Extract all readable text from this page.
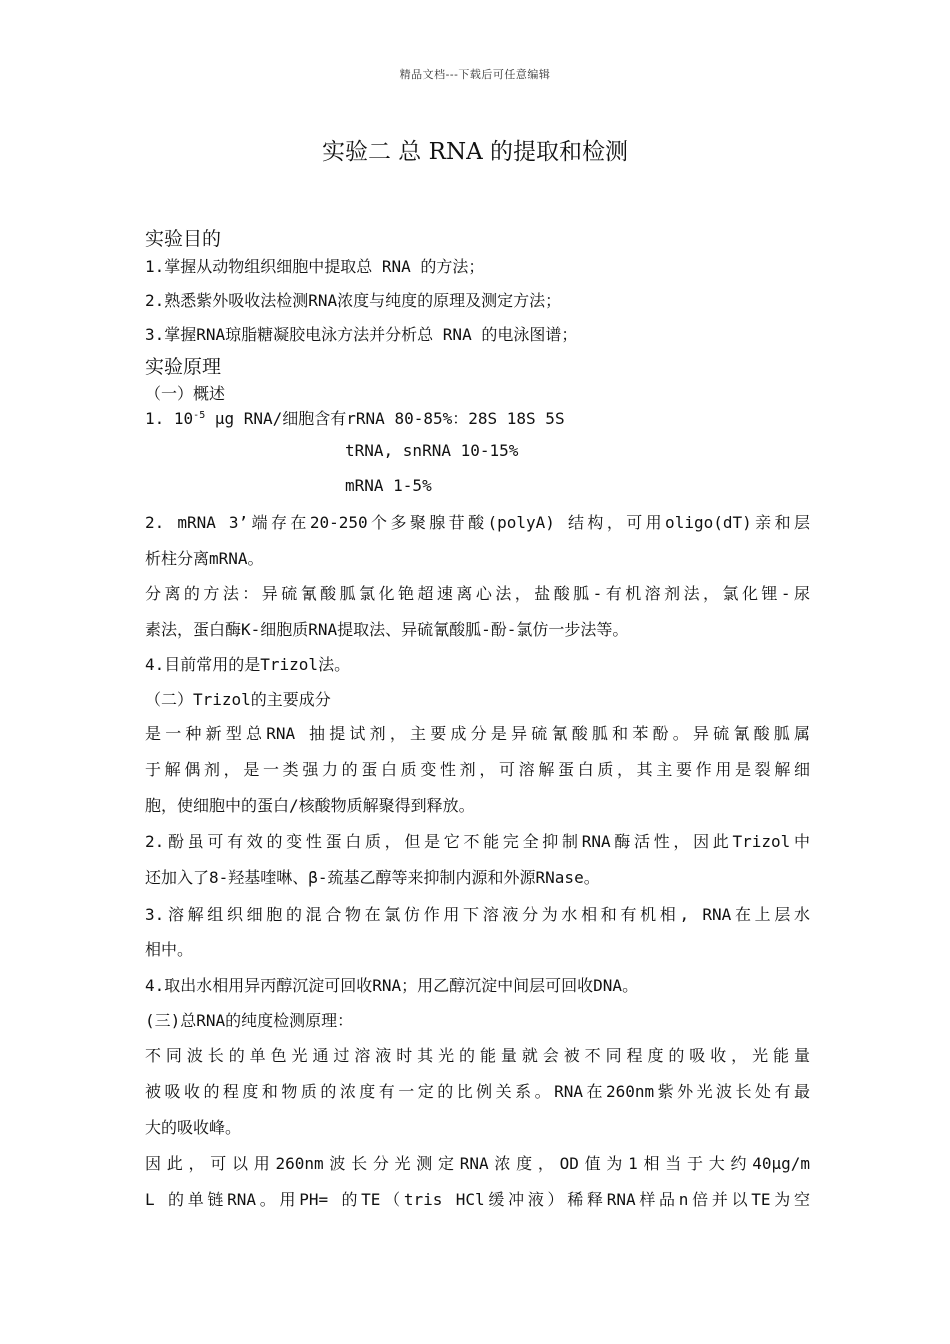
精品文档---下载后可任意编辑
实验二 总 RNA 的提取和检测
实验目的
1.掌握从动物组织细胞中提取总 RNA 的方法；
2.熟悉紫外吸收法检测RNA浓度与纯度的原理及测定方法；
3.掌握RNA琼脂糖凝胶电泳方法并分析总 RNA 的电泳图谱；
实验原理
（一）概述
1. $10^{-5}$ μg RNA/细胞含有rRNA 80-85%：28S 18S 5S
tRNA, snRNA 10-15%
mRNA 1-5%
2. mRNA 3’端存在20-250个多聚腺苷酸(polyA) 结构，可用oligo(dT)亲和层
析柱分离mRNA。
分离的方法：异硫氰酸胍氯化铯超速离心法，盐酸胍-有机溶剂法，氯化锂-尿
素法，蛋白酶K-细胞质RNA提取法、异硫氰酸胍-酚-氯仿一步法等。
4.目前常用的是Trizol法。
（二）Trizol的主要成分
是一种新型总RNA 抽提试剂，主要成分是异硫氰酸胍和苯酚。异硫氰酸胍属
于解偶剂，是一类强力的蛋白质变性剂，可溶解蛋白质，其主要作用是裂解细
胞，使细胞中的蛋白/核酸物质解聚得到释放。
2.酚虽可有效的变性蛋白质，但是它不能完全抑制RNA酶活性，因此Trizol中
还加入了8-羟基喹啉、β-巯基乙醇等来抑制内源和外源RNase。
3.溶解组织细胞的混合物在氯仿作用下溶液分为水相和有机相, RNA在上层水
相中。
4.取出水相用异丙醇沉淀可回收RNA；用乙醇沉淀中间层可回收DNA。
(三)总RNA的纯度检测原理：
不同波长的单色光通过溶液时其光的能量就会被不同程度的吸收，光能量
被吸收的程度和物质的浓度有一定的比例关系。RNA在260nm紫外光波长处有最
大的吸收峰。
因此，可以用260nm波长分光测定RNA浓度，OD值为1相当于大约40μg/m
L 的单链RNA。用PH= 的TE（tris HCl缓冲液）稀释RNA样品n倍并以TE为空
